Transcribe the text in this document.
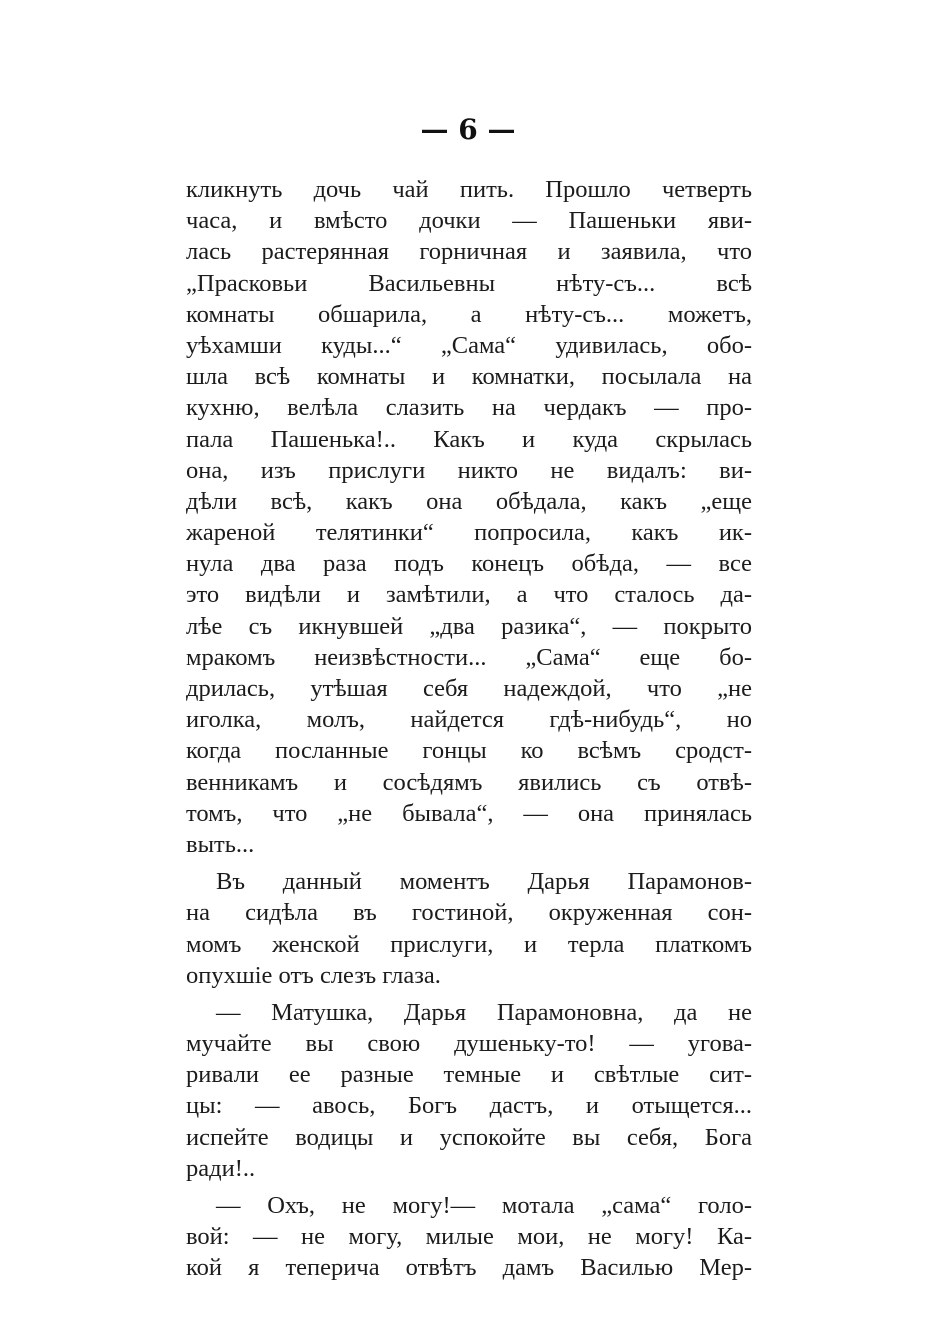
— 6 —
кликнуть дочь чай пить. Прошло четверть
часа, и вмѣсто дочки — Пашеньки яви-
лась растерянная горничная и заявила, что
„Прасковьи Васильевны нѣту-съ... всѣ
комнаты обшарила, а нѣту-съ... можетъ,
уѣхамши куды...“ „Сама“ удивилась, обо-
шла всѣ комнаты и комнатки, посылала на
кухню, велѣла слазить на чердакъ — про-
пала Пашенька!.. Какъ и куда скрылась
она, изъ прислуги никто не видалъ: ви-
дѣли всѣ, какъ она обѣдала, какъ „еще
жареной телятинки“ попросила, какъ ик-
нула два раза подъ конецъ обѣда, — все
это видѣли и замѣтили, а что сталось да-
лѣе съ икнувшей „два разика“, — покрыто
мракомъ неизвѣстности... „Сама“ еще бо-
дрилась, утѣшая себя надеждой, что „не
иголка, молъ, найдется гдѣ-нибудь“, но
когда посланные гонцы ко всѣмъ сродст-
венникамъ и сосѣдямъ явились съ отвѣ-
томъ, что „не бывала“, — она принялась
выть...
Въ данный моментъ Дарья Парамонов-
на сидѣла въ гостиной, окруженная сон-
момъ женской прислуги, и терла платкомъ
опухшіе отъ слезъ глаза.
— Матушка, Дарья Парамоновна, да не
мучайте вы свою душеньку-то! — угова-
ривали ее разные темные и свѣтлые сит-
цы: — авось, Богъ дастъ, и отыщется...
испейте водицы и успокойте вы себя, Бога
ради!..
— Охъ, не могу!— мотала „сама“ голо-
вой: — не могу, милые мои, не могу! Ка-
кой я теперича отвѣтъ дамъ Василью Мер-
